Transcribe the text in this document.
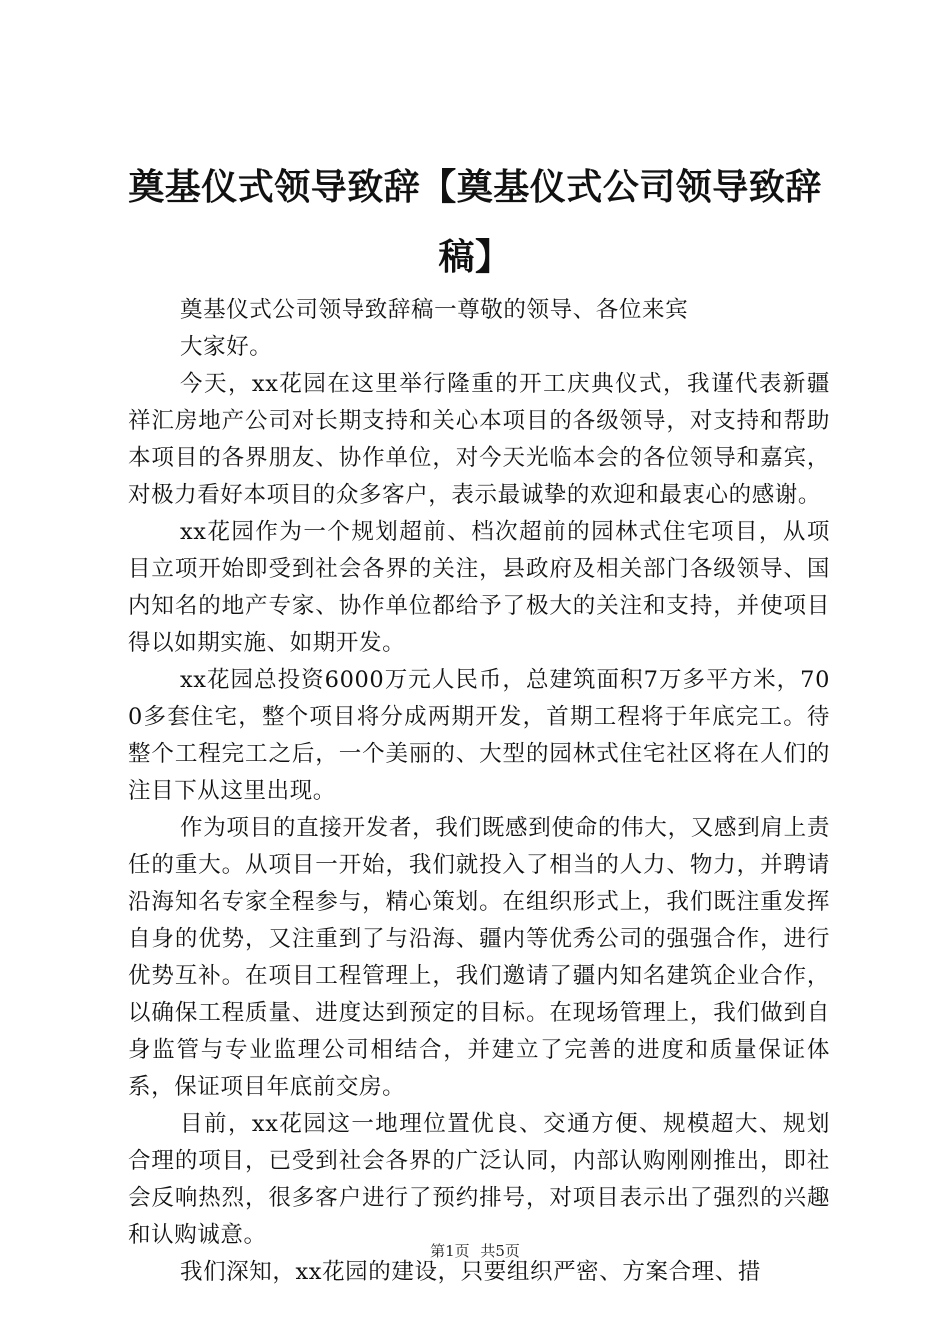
奠基仪式领导致辞【奠基仪式公司领导致辞稿】

奠基仪式公司领导致辞稿一尊敬的领导、各位来宾

大家好。

今天，xx花园在这里举行隆重的开工庆典仪式，我谨代表新疆祥汇房地产公司对长期支持和关心本项目的各级领导，对支持和帮助本项目的各界朋友、协作单位，对今天光临本会的各位领导和嘉宾，对极力看好本项目的众多客户，表示最诚挚的欢迎和最衷心的感谢。

xx花园作为一个规划超前、档次超前的园林式住宅项目，从项目立项开始即受到社会各界的关注，县政府及相关部门各级领导、国内知名的地产专家、协作单位都给予了极大的关注和支持，并使项目得以如期实施、如期开发。

xx花园总投资6000万元人民币，总建筑面积7万多平方米，700多套住宅，整个项目将分成两期开发，首期工程将于年底完工。待整个工程完工之后，一个美丽的、大型的园林式住宅社区将在人们的注目下从这里出现。

作为项目的直接开发者，我们既感到使命的伟大，又感到肩上责任的重大。从项目一开始，我们就投入了相当的人力、物力，并聘请沿海知名专家全程参与，精心策划。在组织形式上，我们既注重发挥自身的优势，又注重到了与沿海、疆内等优秀公司的强强合作，进行优势互补。在项目工程管理上，我们邀请了疆内知名建筑企业合作，以确保工程质量、进度达到预定的目标。在现场管理上，我们做到自身监管与专业监理公司相结合，并建立了完善的进度和质量保证体系，保证项目年底前交房。

目前，xx花园这一地理位置优良、交通方便、规模超大、规划合理的项目，已受到社会各界的广泛认同，内部认购刚刚推出，即社会反响热烈，很多客户进行了预约排号，对项目表示出了强烈的兴趣和认购诚意。

我们深知，xx花园的建设，只要组织严密、方案合理、措

第1页 共5页
